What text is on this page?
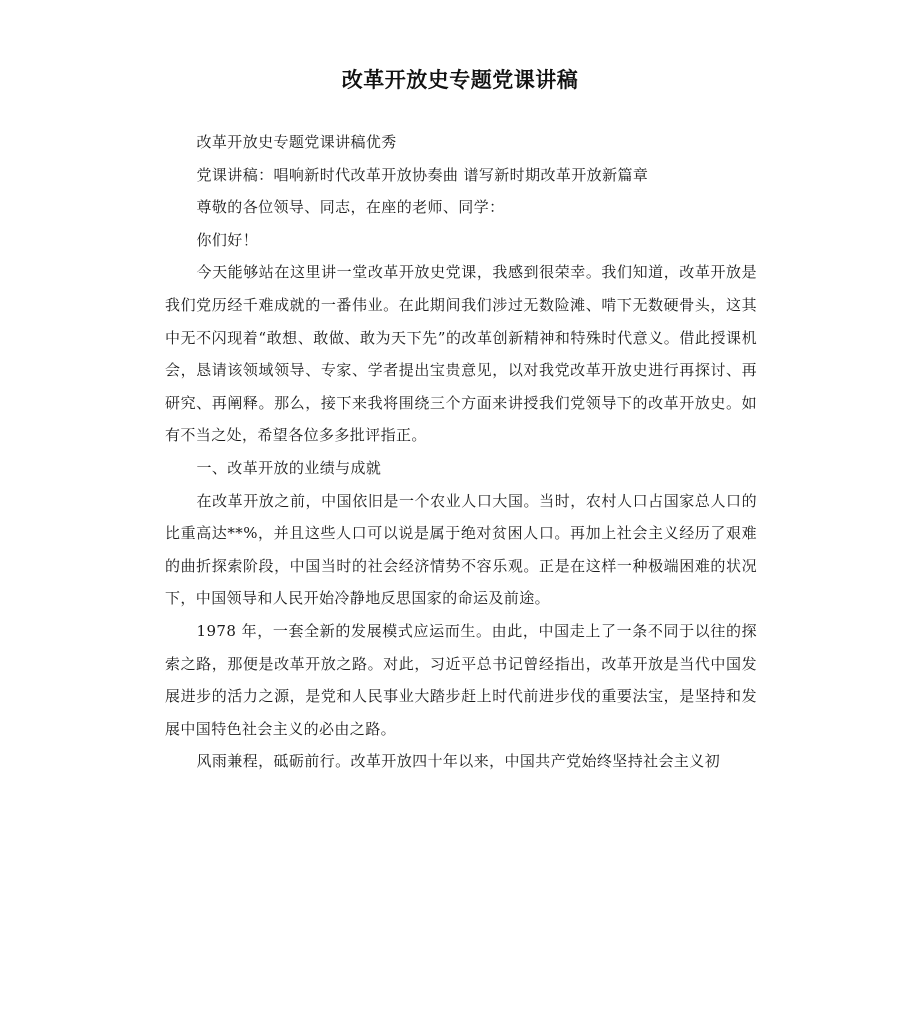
改革开放史专题党课讲稿

改革开放史专题党课讲稿优秀

党课讲稿：唱响新时代改革开放协奏曲 谱写新时期改革开放新篇章

尊敬的各位领导、同志，在座的老师、同学：

你们好！

今天能够站在这里讲一堂改革开放史党课，我感到很荣幸。我们知道，改革开放是我们党历经千难成就的一番伟业。在此期间我们涉过无数险滩、啃下无数硬骨头，这其中无不闪现着“敢想、敢做、敢为天下先”的改革创新精神和特殊时代意义。借此授课机会，恳请该领域领导、专家、学者提出宝贵意见，以对我党改革开放史进行再探讨、再研究、再阐释。那么，接下来我将围绕三个方面来讲授我们党领导下的改革开放史。如有不当之处，希望各位多多批评指正。

一、改革开放的业绩与成就

在改革开放之前，中国依旧是一个农业人口大国。当时，农村人口占国家总人口的比重高达**%，并且这些人口可以说是属于绝对贫困人口。再加上社会主义经历了艰难的曲折探索阶段，中国当时的社会经济情势不容乐观。正是在这样一种极端困难的状况下，中国领导和人民开始冷静地反思国家的命运及前途。

1978 年，一套全新的发展模式应运而生。由此，中国走上了一条不同于以往的探索之路，那便是改革开放之路。对此，习近平总书记曾经指出，改革开放是当代中国发展进步的活力之源，是党和人民事业大踏步赶上时代前进步伐的重要法宝，是坚持和发展中国特色社会主义的必由之路。

风雨兼程，砥砺前行。改革开放四十年以来，中国共产党始终坚持社会主义初
